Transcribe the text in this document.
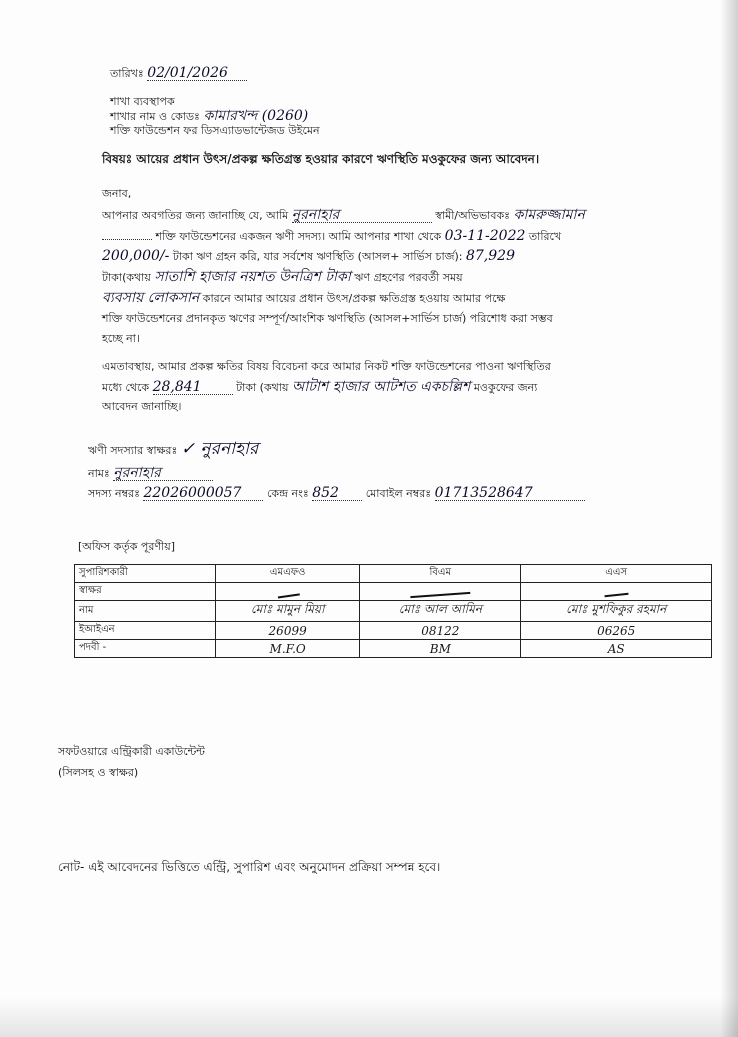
তারিখঃ 02/01/2026
শাখা ব্যবস্থাপক
শাখার নাম ও কোডঃ কামারখন্দ (0260)
শক্তি ফাউন্ডেশন ফর ডিসএ্যাডভান্টেজড উইমেন
বিষয়ঃ আয়ের প্রধান উৎস/প্রকল্প ক্ষতিগ্রস্ত হওয়ার কারণে ঋণস্থিতি মওকুফের জন্য আবেদন।
জনাব,
আপনার অবগতির জন্য জানাচ্ছি যে, আমি নুরনাহার	স্বামী/অভিভাবকঃ কামরুজ্জামান
শক্তি ফাউন্ডেশনের একজন ঋণী সদস্য। আমি আপনার শাখা থেকে 03-11-2022 তারিখে
200,000/- টাকা ঋণ গ্রহন করি, যার সর্বশেষ ঋণস্থিতি (আসল+ সার্ভিস চার্জ): 87,929
টাকা(কথায় সাতাশি হাজার নয়শত উনত্রিশ টাকা ঋণ গ্রহণের পরবর্তী সময়
ব্যবসায় লোকসান কারনে আমার আয়ের প্রধান উৎস/প্রকল্প ক্ষতিগ্রস্ত হওয়ায় আমার পক্ষে
শক্তি ফাউন্ডেশনের প্রদানকৃত ঋণের সম্পূর্ণ/আংশিক ঋণস্থিতি (আসল+সার্ভিস চার্জ) পরিশোধ করা সম্ভব
হচ্ছে না।
এমতাবস্থায়, আমার প্রকল্প ক্ষতির বিষয় বিবেচনা করে আমার নিকট শক্তি ফাউন্ডেশনের পাওনা ঋণস্থিতির
মধ্যে থেকে 28,841	টাকা (কথায় আটাশ হাজার আটশত একচল্লিশ মওকুফের জন্য
আবেদন জানাচ্ছি।
ঋণী সদস্যার স্বাক্ষরঃ ✓ নুরনাহার
নামঃ নুরনাহার
সদস্য নম্বরঃ 22026000057 কেন্দ্র নংঃ 852 মোবাইল নম্বরঃ 01713528647
[অফিস কর্তৃক পূরণীয়]
সুপারিশকারী	এমএফও	বিএম	এএস
স্বাক্ষর			
নাম	মোঃ মামুন মিয়া	মোঃ আল আমিন	মোঃ মুশফিকুর রহমান
ইআইএন	26099	08122	06265
পদবী -	M.F.O	BM	AS
সফটওয়ারে এন্ট্রিকারী একাউন্টেন্ট
(সিলসহ ও স্বাক্ষর)
নোট- এই আবেদনের ভিত্তিতে এন্ট্রি, সুপারিশ এবং অনুমোদন প্রক্রিয়া সম্পন্ন হবে।
